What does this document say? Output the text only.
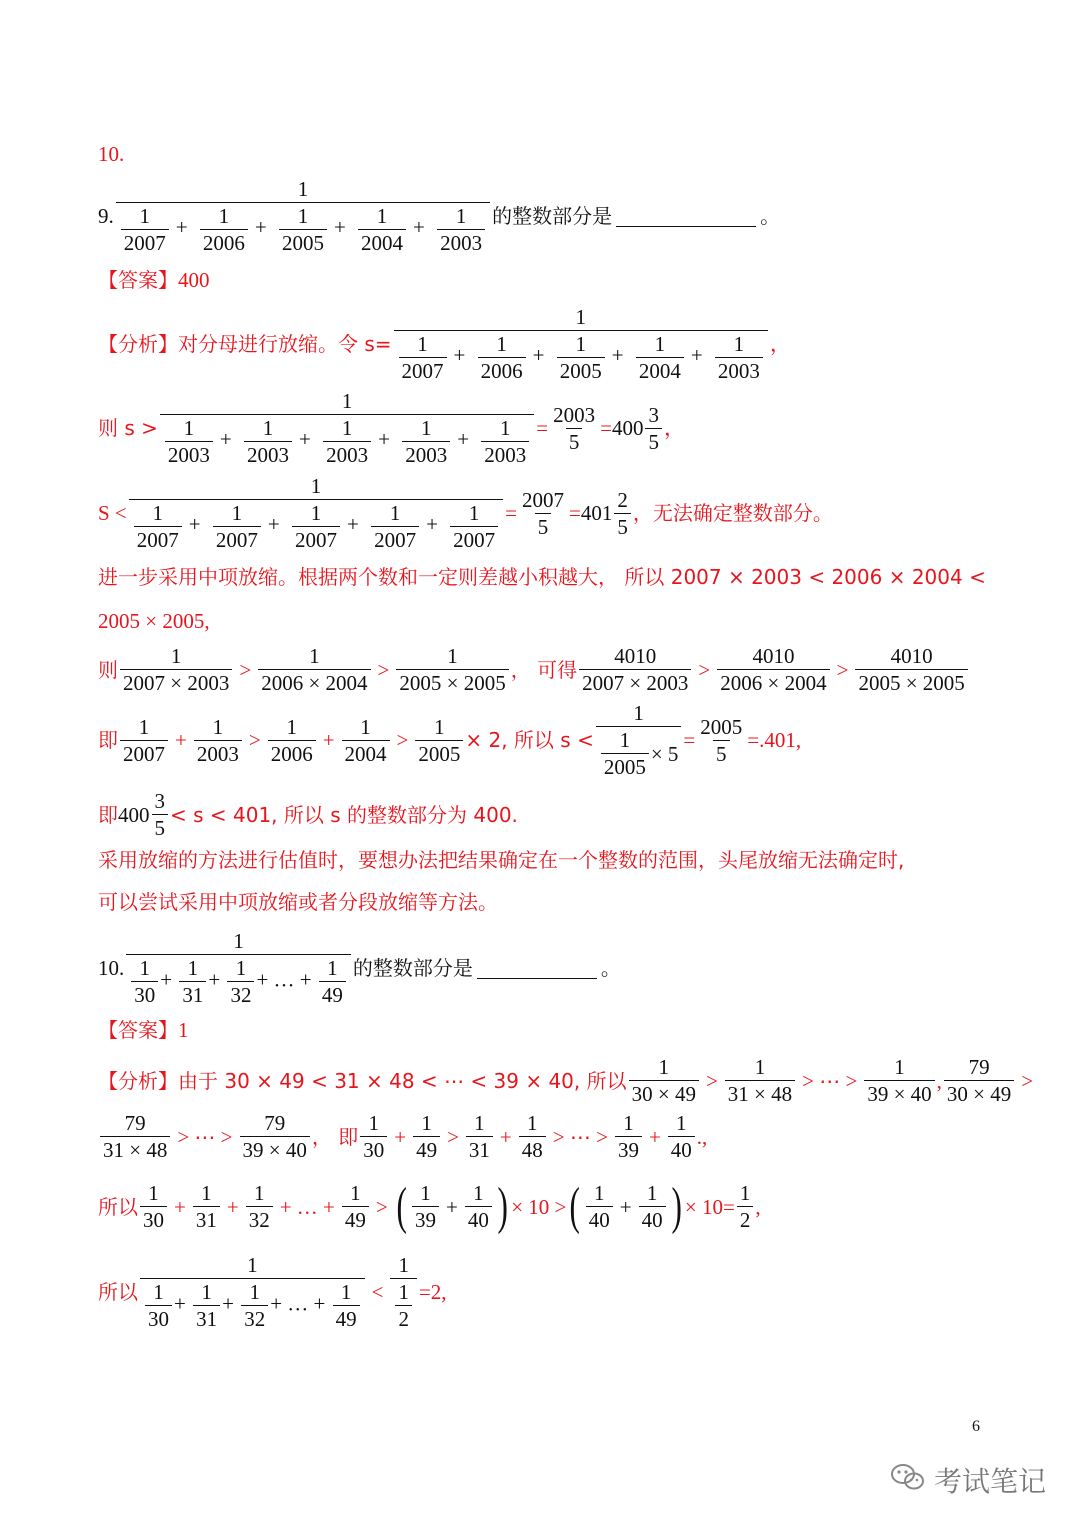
10.
9.
1
$\frac{1}{2007} + \frac{1}{2006} + \frac{1}{2005} + \frac{1}{2004} + \frac{1}{2003}$ 的整数部分是	。
【答案】400
【分析】 对分母进行放缩。令 s=
1
$\frac{1}{2007} + \frac{1}{2006} + \frac{1}{2005} + \frac{1}{2004} + \frac{1}{2003}$ ，
则 s >
1
$\frac{1}{2003} + \frac{1}{2003} + \frac{1}{2003} + \frac{1}{2003} + \frac{1}{2003} = \frac{2003}{5} = 400$
3
5
，
S <
1
$\frac{1}{2007} + \frac{1}{2007} + \frac{1}{2007} + \frac{1}{2007} + \frac{1}{2007} = \frac{2007}{5} = 401$
2
5
，无法确定整数部分。
进一步采用中项放缩。根据两个数和一定则差越小积越大， 所以 2007 × 2003 < 2006 × 2004 <
2005 × 2005,
则
1
2007 × 2003
>
1
2006 × 2004
>
1
2005 × 2005
， 可得
4010
2007 × 2003
>
4010
2006 × 2004
>
4010
2005 × 2005
即
1
2007
+ $\frac{1}{2003}$ >
1
2006
+ $\frac{1}{2004} > \frac{1}{2005} \times 2$, 所以 $s < \frac{1}{\frac{1}{2005} \times 5} = \frac{2005}{5} =.401$,
即 400
3
5
< s < 401, 所以 s 的整数部分为 400.
采用放缩的方法进行估值时，要想办法把结果确定在一个整数的范围，头尾放缩无法确定时,
可以尝试采用中项放缩或者分段放缩等方法。
10.
1
$\frac{1}{30} + \frac{1}{31} + \frac{1}{32}$ + … + $\frac{1}{49}$ 的整数部分是	。
【答案】1
【分析】 由于 30 × 49 < 31 × 48 < ⋯ < 39 × 40, 所以
1
30 × 49
>
1
31 × 48
> ⋯ >
1
39 × 40
,
79
30 × 49
>
79
31 × 48
> ⋯ >
79
39 × 40
， 即
1
30
+ $\frac{1}{49}$ >
1
31
+ $\frac{1}{48}$ > ⋯ >
1
39
+ $\frac{1}{40}$ .,
所以
1
30
+ $\frac{1}{31} + \frac{1}{32}$ + … + $\frac{1}{49}$ > ( 1
39
+ $\frac{1}{40}$ ) × 10 > ( 1
40
+ $\frac{1}{40}$ ) × $10= \frac{1}{2}$ ,
所以
1
$\frac{1}{30} + \frac{1}{31} + \frac{1}{32}$ + … + $\frac{1}{49} < \frac{1}{\frac{1}{2}} =2$,
6
考试笔记
